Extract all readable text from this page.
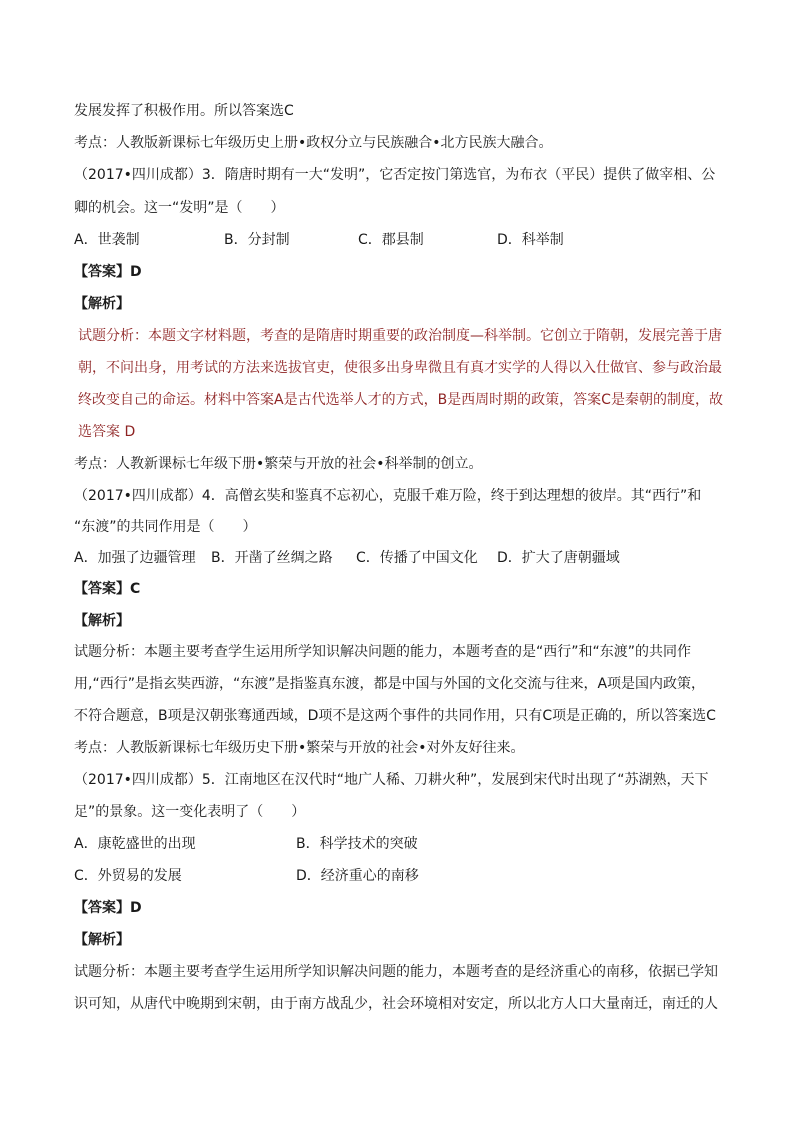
发展发挥了积极作用。所以答案选C
考点：人教版新课标七年级历史上册•政权分立与民族融合•北方民族大融合。
（2017•四川成都）3．隋唐时期有一大“发明”，它否定按门第选官，为布衣（平民）提供了做宰相、公
卿的机会。这一“发明”是（　　）
A．世袭制	B．分封制	C．郡县制	D．科举制
【答案】D
【解析】
试题分析：本题文字材料题，考查的是隋唐时期重要的政治制度—科举制。它创立于隋朝，发展完善于唐
朝，不问出身，用考试的方法来选拔官吏，使很多出身卑微且有真才实学的人得以入仕做官、参与政治最
终改变自己的命运。材料中答案A是古代选举人才的方式，B是西周时期的政策，答案C是秦朝的制度，故
选答案 D
考点：人教新课标七年级下册•繁荣与开放的社会•科举制的创立。
（2017•四川成都）4．高僧玄奘和鉴真不忘初心，克服千难万险，终于到达理想的彼岸。其“西行”和
“东渡”的共同作用是（　　）
A．加强了边疆管理 B．开凿了丝绸之路 C．传播了中国文化 D．扩大了唐朝疆域
【答案】C
【解析】
试题分析：本题主要考查学生运用所学知识解决问题的能力，本题考查的是“西行”和“东渡”的共同作
用,“西行”是指玄奘西游，“东渡”是指鉴真东渡，都是中国与外国的文化交流与往来，A项是国内政策，
不符合题意，B项是汉朝张骞通西域，D项不是这两个事件的共同作用，只有C项是正确的，所以答案选C
考点：人教版新课标七年级历史下册•繁荣与开放的社会•对外友好往来。
（2017•四川成都）5．江南地区在汉代时“地广人稀、刀耕火种”，发展到宋代时出现了“苏湖熟，天下
足”的景象。这一变化表明了（　　）
A．康乾盛世的出现	B．科学技术的突破
C．外贸易的发展	D．经济重心的南移
【答案】D
【解析】
试题分析：本题主要考查学生运用所学知识解决问题的能力，本题考查的是经济重心的南移，依据已学知
识可知，从唐代中晚期到宋朝，由于南方战乱少，社会环境相对安定，所以北方人口大量南迁，南迁的人
